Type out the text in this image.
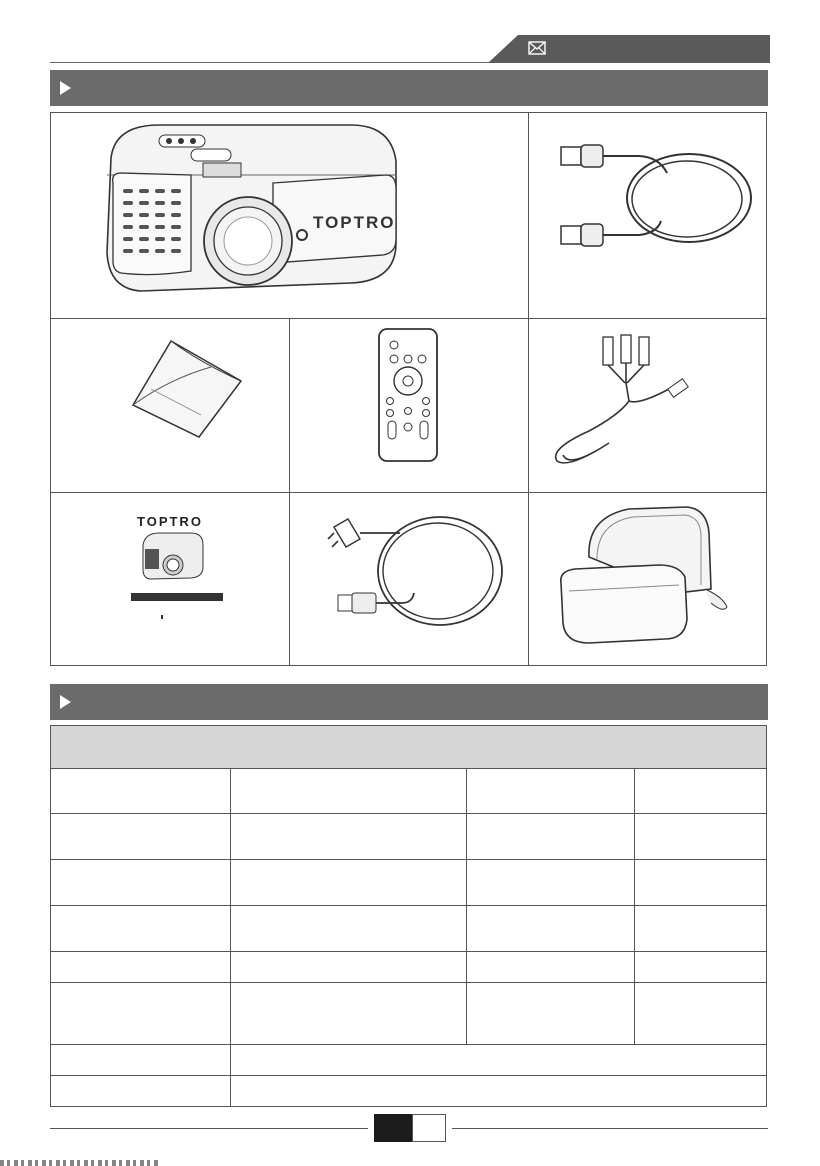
TOPTRO
TOPTRO
